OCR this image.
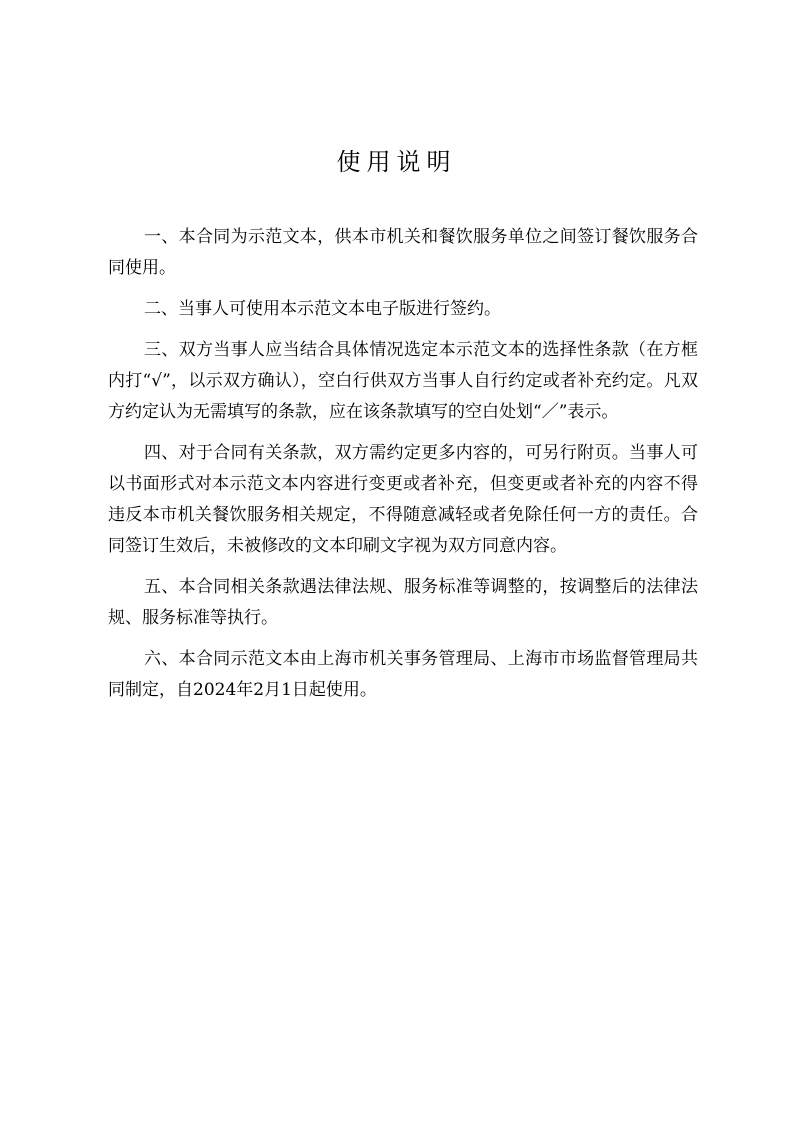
使用说明

一、本合同为示范文本，供本市机关和餐饮服务单位之间签订餐饮服务合同使用。

二、当事人可使用本示范文本电子版进行签约。

三、双方当事人应当结合具体情况选定本示范文本的选择性条款（在方框内打“√”，以示双方确认），空白行供双方当事人自行约定或者补充约定。凡双方约定认为无需填写的条款，应在该条款填写的空白处划“／”表示。

四、对于合同有关条款，双方需约定更多内容的，可另行附页。当事人可以书面形式对本示范文本内容进行变更或者补充，但变更或者补充的内容不得违反本市机关餐饮服务相关规定，不得随意减轻或者免除任何一方的责任。合同签订生效后，未被修改的文本印刷文字视为双方同意内容。

五、本合同相关条款遇法律法规、服务标准等调整的，按调整后的法律法规、服务标准等执行。

六、本合同示范文本由上海市机关事务管理局、上海市市场监督管理局共同制定，自2024年2月1日起使用。
